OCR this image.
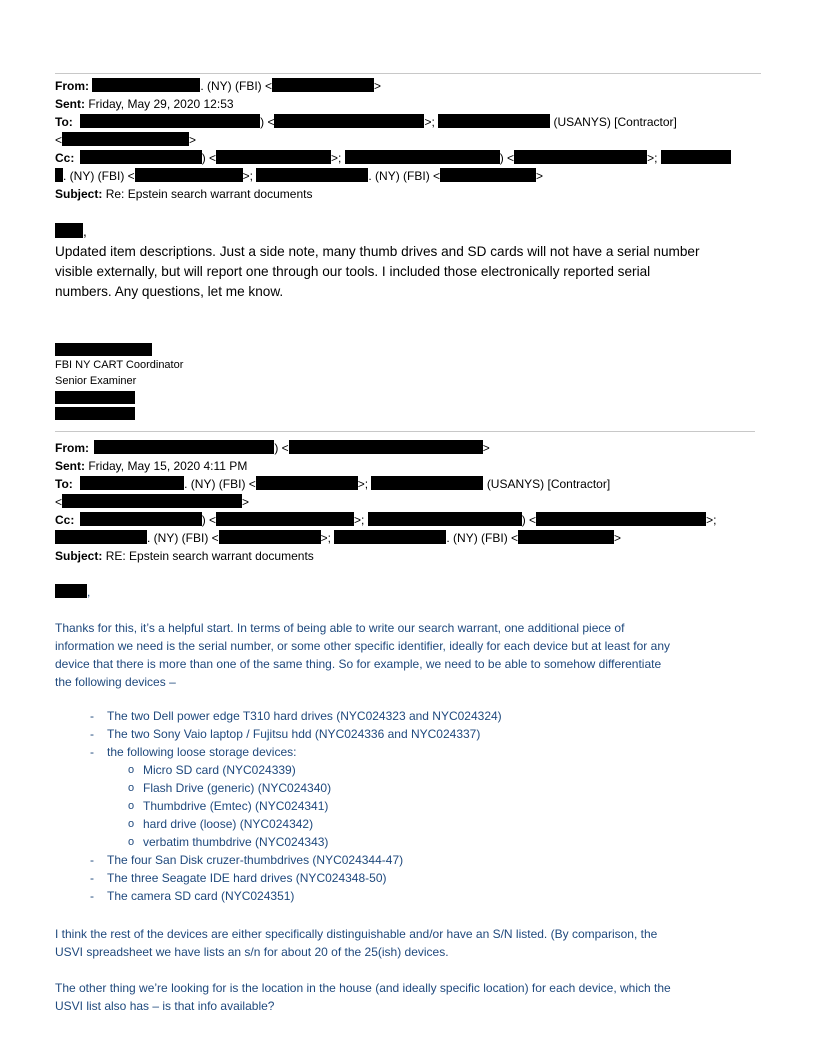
From:	. (NY) (FBI) <	>
Sent: Friday, May 29, 2020 12:53
To:	) <	>;	(USANYS) [Contractor]
<	>
Cc:	) <	>;	) <	>;
. (NY) (FBI) <	>;	. (NY) (FBI) <	>
Subject: Re: Epstein search warrant documents
,
Updated item descriptions. Just a side note, many thumb drives and SD cards will not have a serial number
visible externally, but will report one through our tools. I included those electronically reported serial
numbers. Any questions, let me know.
FBI NY CART Coordinator
Senior Examiner
From:	) <	>
Sent: Friday, May 15, 2020 4:11 PM
To:	. (NY) (FBI) <	>;	(USANYS) [Contractor]
<	>
Cc:	) <	>;	) <	>;
. (NY) (FBI) <	>;	. (NY) (FBI) <	>
Subject: RE: Epstein search warrant documents
,
Thanks for this, it’s a helpful start. In terms of being able to write our search warrant, one additional piece of
information we need is the serial number, or some other specific identifier, ideally for each device but at least for any
device that there is more than one of the same thing. So for example, we need to be able to somehow differentiate
the following devices –
- The two Dell power edge T310 hard drives (NYC024323 and NYC024324)
- The two Sony Vaio laptop / Fujitsu hdd (NYC024336 and NYC024337)
- the following loose storage devices:
o Micro SD card (NYC024339)
o Flash Drive (generic) (NYC024340)
o Thumbdrive (Emtec) (NYC024341)
o hard drive (loose) (NYC024342)
o verbatim thumbdrive (NYC024343)
- The four San Disk cruzer-thumbdrives (NYC024344-47)
- The three Seagate IDE hard drives (NYC024348-50)
- The camera SD card (NYC024351)
I think the rest of the devices are either specifically distinguishable and/or have an S/N listed. (By comparison, the
USVI spreadsheet we have lists an s/n for about 20 of the 25(ish) devices.
The other thing we’re looking for is the location in the house (and ideally specific location) for each device, which the
USVI list also has – is that info available?
